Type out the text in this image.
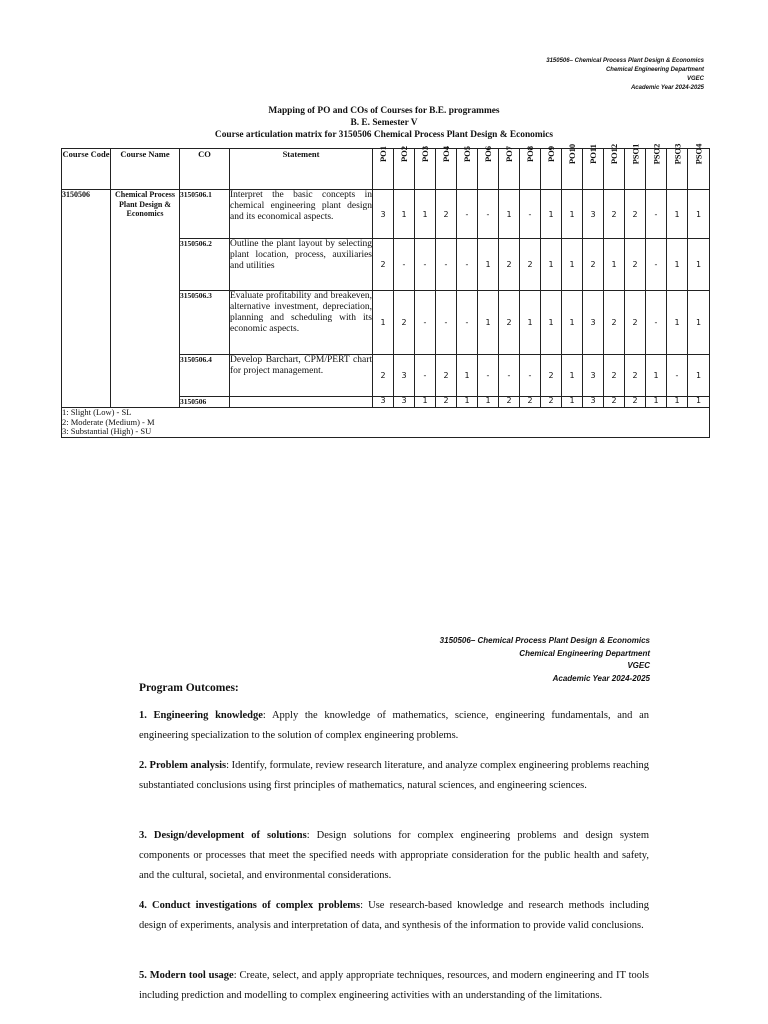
3150506– Chemical Process Plant Design & Economics
Chemical Engineering Department
VGEC
Academic Year 2024-2025
Mapping of PO and COs of Courses for B.E. programmes
B. E. Semester V
Course articulation matrix for 3150506 Chemical Process Plant Design & Economics
Course Code	Course Name	CO	Statement	PO1	PO2	PO3	PO4	PO5	PO6	PO7	PO8	PO9	PO10	PO11	PO12	PSO1	PSO2	PSO3	PSO4
3150506	Chemical Process Plant Design & Economics	3150506.1	Interpret the basic concepts in chemical engineering plant design and its economical aspects.	3	1	1	2	-	-	1	-	1	1	3	2	2	-	1	1
		3150506.2	Outline the plant layout by selecting plant location, process, auxiliaries and utilities	2	-	-	-	-	1	2	2	1	1	2	1	2	-	1	1
		3150506.3	Evaluate profitability and breakeven, alternative investment, depreciation, planning and scheduling with its economic aspects.	1	2	-	-	-	1	2	1	1	1	3	2	2	-	1	1
		3150506.4	Develop Barchart, CPM/PERT chart for project management.	2	3	-	2	1	-	-	-	2	1	3	2	2	1	-	1
		3150506		3	3	1	2	1	1	2	2	2	1	3	2	2	1	1	1

1: Slight (Low) - SL
2: Moderate (Medium) - M
3: Substantial (High) - SU																			
3150506– Chemical Process Plant Design & Economics
Chemical Engineering Department
VGEC
Academic Year 2024-2025
Program Outcomes:

1. Engineering knowledge: Apply the knowledge of mathematics, science, engineering fundamentals, and an engineering specialization to the solution of complex engineering problems.

2. Problem analysis: Identify, formulate, review research literature, and analyze complex engineering problems reaching substantiated conclusions using first principles of mathematics, natural sciences, and engineering sciences.

3. Design/development of solutions: Design solutions for complex engineering problems and design system components or processes that meet the specified needs with appropriate consideration for the public health and safety, and the cultural, societal, and environmental considerations.

4. Conduct investigations of complex problems: Use research-based knowledge and research methods including design of experiments, analysis and interpretation of data, and synthesis of the information to provide valid conclusions.

5. Modern tool usage: Create, select, and apply appropriate techniques, resources, and modern engineering and IT tools including prediction and modelling to complex engineering activities with an understanding of the limitations.
